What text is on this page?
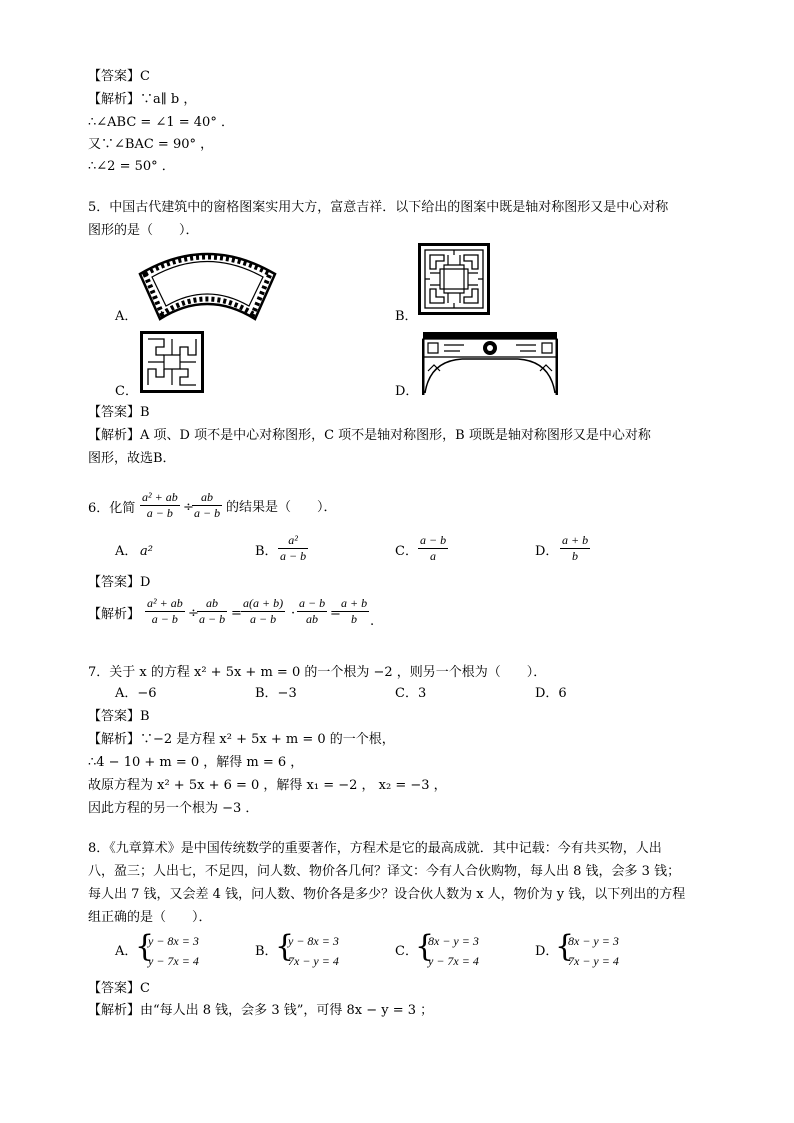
【答案】C
【解析】∵a∥ b ，
∴∠ABC = ∠1 = 40° ．
又∵∠BAC = 90° ，
∴∠2 = 50° ．
5．中国古代建筑中的窗格图案实用大方，富意吉祥．以下给出的图案中既是轴对称图形又是中心对称
图形的是（　　）．
A．	B．
C．	D．
【答案】B
【解析】A 项、D 项不是中心对称图形，C 项不是轴对称图形，B 项既是轴对称图形又是中心对称
图形，故选B．
6．化简 $\frac{\text{a² + ab}}{a - b}$ ÷
$\frac{ab}{a - b}$ 的结果是（　　）．
A． a²	B． $\frac{\text{a²}}{a - b}$	C． $\frac{a - b}{a}$	D． $\frac{a + b}{b}$
【答案】D
【解析】 $\frac{\text{a² + ab}}{a - b}$ ÷
$\frac{ab}{a - b} = \frac{a(a + b)}{a - b} \cdot \frac{a - b}{ab}$ =
$\frac{a + b}{b}$ .
7．关于 x 的方程 x² + 5x + m = 0 的一个根为 −2 ，则另一个根为（　　）．
A．−6	B．−3	C．3	D．6
【答案】B
【解析】∵−2 是方程 x² + 5x + m = 0 的一个根，
∴4 − 10 + m = 0 ，解得 m = 6 ，
故原方程为 x² + 5x + 6 = 0 ，解得 x₁ = −2 ， x₂ = −3 ，
因此方程的另一个根为 −3 ．
8．《九章算术》是中国传统数学的重要著作，方程术是它的最高成就．其中记载：今有共买物，人出
八，盈三；人出七，不足四，问人数、物价各几何？译文：今有人合伙购物，每人出 8 钱，会多 3 钱；
每人出 7 钱，又会差 4 钱，问人数、物价各是多少？设合伙人数为 x 人，物价为 y 钱，以下列出的方程
组正确的是（　　）．
A．
{
y − 8x = 3
y − 7x = 4
B．
{
y − 8x = 3
7x − y = 4
C．
{
8x − y = 3
y − 7x = 4
D．
{
8x − y = 3
7x − y = 4
【答案】C
【解析】由“每人出 8 钱，会多 3 钱”，可得 8x − y = 3 ；
